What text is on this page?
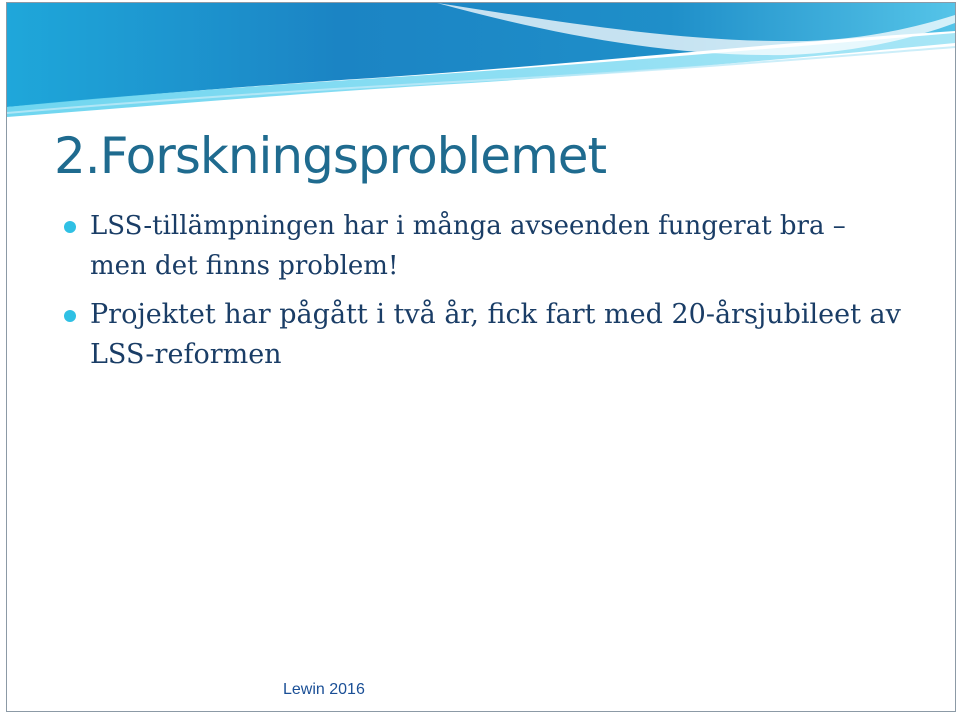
2.Forskningsproblemet
LSS-tillämpningen har i många avseenden fungerat bra – men det finns problem!
Projektet har pågått i två år, fick fart med 20-årsjubileet av LSS-reformen
Lewin 2016
